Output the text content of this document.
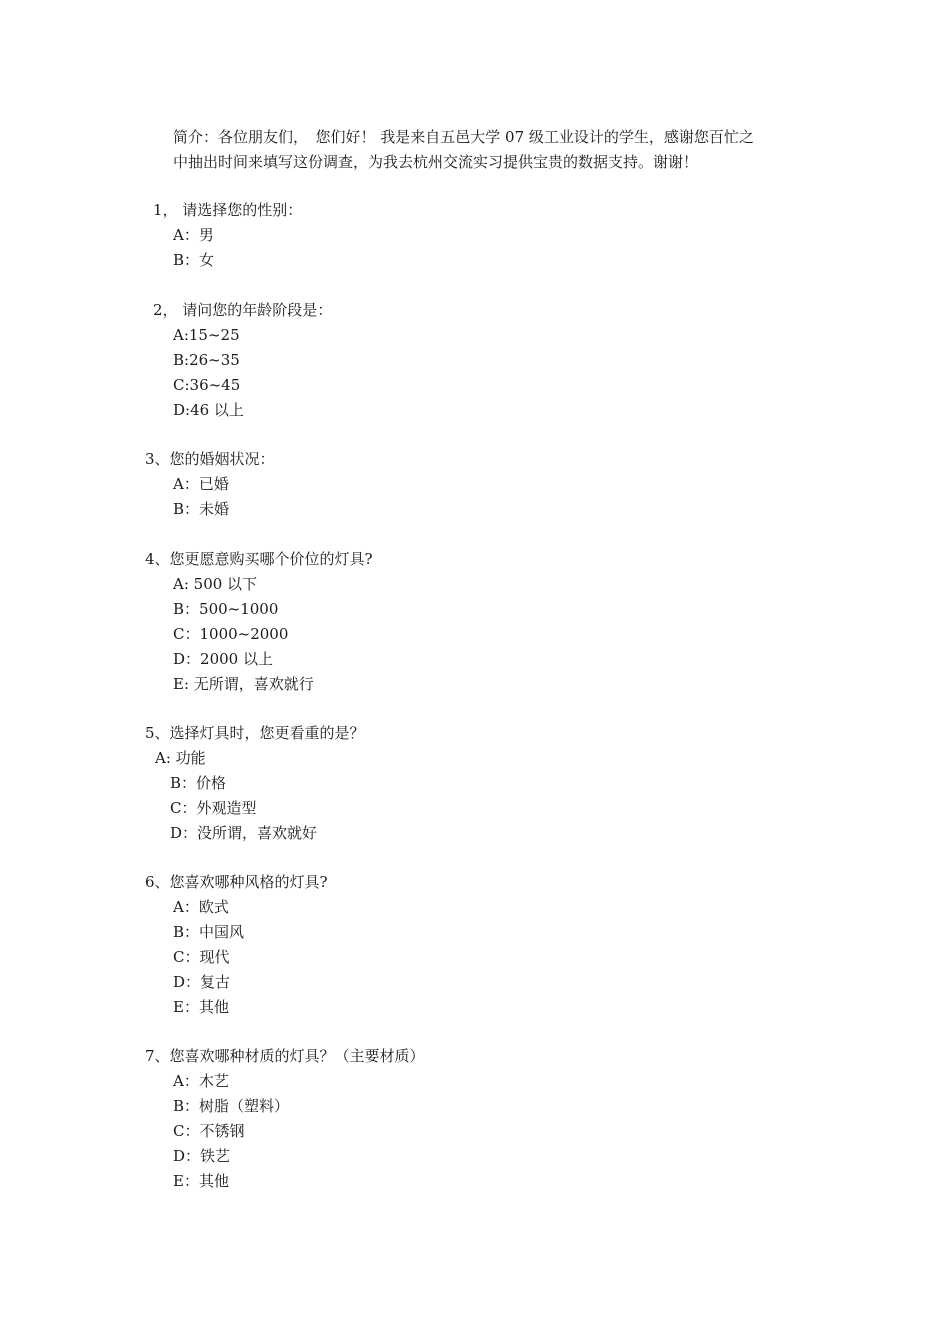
简介：各位朋友们，　您们好！ 我是来自五邑大学 07 级工业设计的学生，感谢您百忙之
中抽出时间来填写这份调查，为我去杭州交流实习提供宝贵的数据支持。谢谢！
1， 请选择您的性别：
A：男
B：女
2， 请问您的年龄阶段是：
A:15~25
B:26~35
C:36~45
D:46 以上
3、您的婚姻状况：
A：已婚
B：未婚
4、您更愿意购买哪个价位的灯具?
A: 500 以下
B：500~1000
C：1000~2000
D：2000 以上
E: 无所谓，喜欢就行
5、选择灯具时，您更看重的是？
A: 功能
B：价格
C：外观造型
D：没所谓，喜欢就好
6、您喜欢哪种风格的灯具?
A：欧式
B：中国风
C：现代
D：复古
E：其他
7、您喜欢哪种材质的灯具？（主要材质）
A：木艺
B：树脂（塑料）
C：不锈钢
D：铁艺
E：其他
